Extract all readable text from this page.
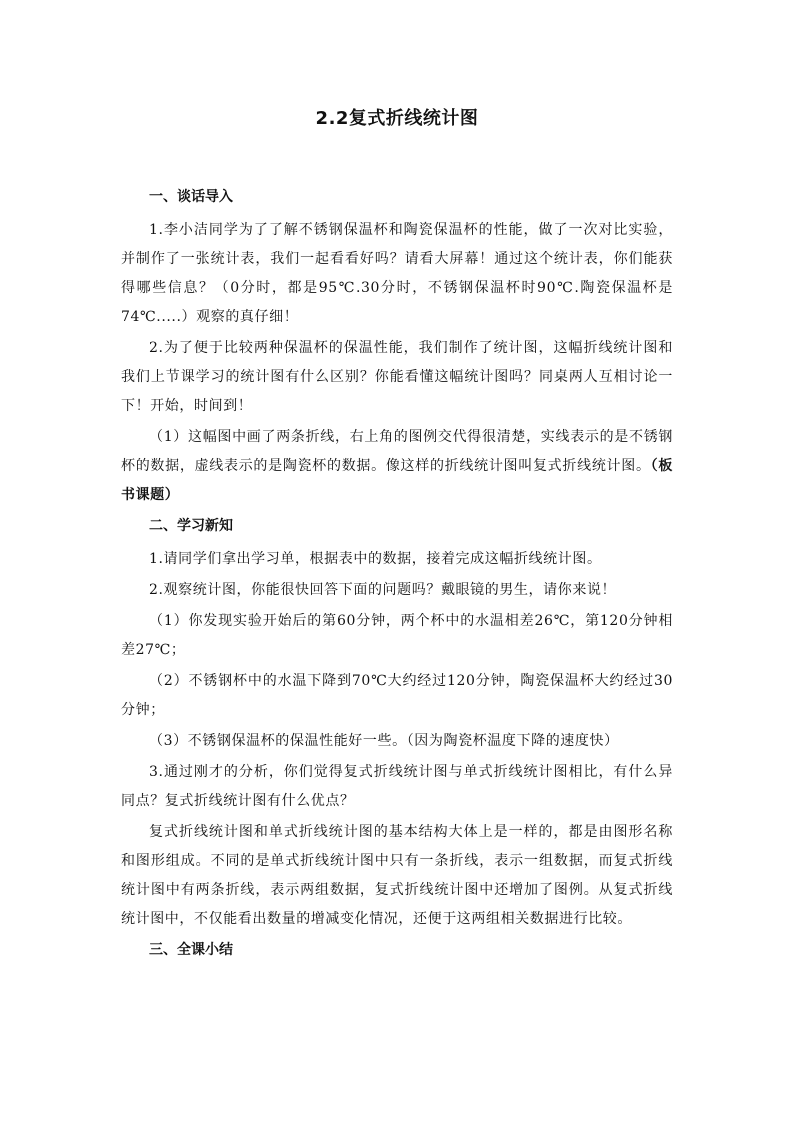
2.2复式折线统计图
一、谈话导入

1.李小洁同学为了了解不锈钢保温杯和陶瓷保温杯的性能，做了一次对比实验，并制作了一张统计表，我们一起看看好吗？请看大屏幕！通过这个统计表，你们能获得哪些信息？（0分时，都是95℃.30分时，不锈钢保温杯时90℃.陶瓷保温杯是74℃.....）观察的真仔细！

2.为了便于比较两种保温杯的保温性能，我们制作了统计图，这幅折线统计图和我们上节课学习的统计图有什么区别？你能看懂这幅统计图吗？同桌两人互相讨论一下！开始，时间到！

（1）这幅图中画了两条折线，右上角的图例交代得很清楚，实线表示的是不锈钢杯的数据，虚线表示的是陶瓷杯的数据。像这样的折线统计图叫复式折线统计图。（板书课题）

二、学习新知

1.请同学们拿出学习单，根据表中的数据，接着完成这幅折线统计图。

2.观察统计图，你能很快回答下面的问题吗？戴眼镜的男生，请你来说！

（1）你发现实验开始后的第60分钟，两个杯中的水温相差26℃，第120分钟相差27℃；

（2）不锈钢杯中的水温下降到70℃大约经过120分钟，陶瓷保温杯大约经过30分钟；

（3）不锈钢保温杯的保温性能好一些。（因为陶瓷杯温度下降的速度快）

3.通过刚才的分析，你们觉得复式折线统计图与单式折线统计图相比，有什么异同点？复式折线统计图有什么优点？

复式折线统计图和单式折线统计图的基本结构大体上是一样的，都是由图形名称和图形组成。不同的是单式折线统计图中只有一条折线，表示一组数据，而复式折线统计图中有两条折线，表示两组数据，复式折线统计图中还增加了图例。从复式折线统计图中，不仅能看出数量的增减变化情况，还便于这两组相关数据进行比较。

三、全课小结
